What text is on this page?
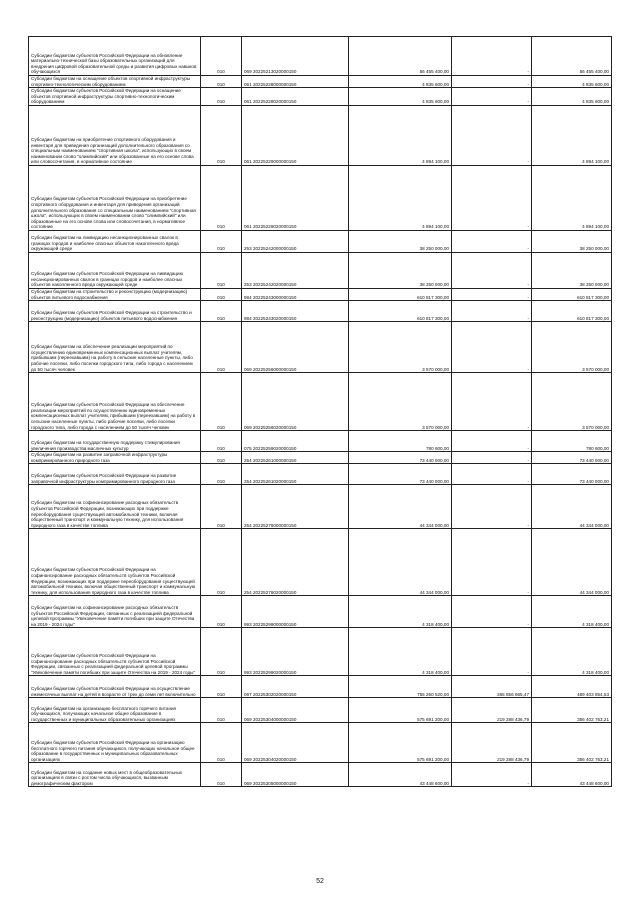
Субсидии бюджетам субъектов Российской Федерации на обновление материально-технической базы образовательных организаций для внедрения цифровой образовательной среды и развития цифровых навыков обучающихся	010	069 20225213020000150	56 455 400,00	-	56 455 400,00
Субсидии бюджетам на оснащение объектов спортивной инфраструктуры спортивно-технологическим оборудованием	010	061 20225228000000150	4 835 600,00	-	4 835 600,00
Субсидии бюджетам субъектов Российской Федерации на оснащение объектов спортивной инфраструктуры спортивно-технологическим оборудованием	010	061 20225228020000150	4 835 600,00	-	4 835 600,00
Субсидии бюджетам на приобретение спортивного оборудования и инвентаря для приведения организаций дополнительного образования со специальным наименованием "спортивная школа", использующих в своем наименовании слово "олимпийский" или образованные на его основе слова или словосочетания, в нормативное состояние	010	061 20225229000000150	4 894 100,00	-	4 894 100,00
Субсидии бюджетам субъектов Российской Федерации на приобретение спортивного оборудования и инвентаря для приведения организаций дополнительного образования со специальным наименованием "спортивная школа", использующих в своем наименовании слово "олимпийский" или образованные на его основе слова или словосочетания, в нормативное состояние	010	061 20225229020000150	4 894 100,00	-	4 894 100,00
Субсидии бюджетам на ликвидацию несанкционированных свалок в границах городов и наиболее опасных объектов накопленного вреда окружающей среде	010	253 20225242000000150	38 250 000,00	-	38 250 000,00
Субсидии бюджетам субъектов Российской Федерации на ликвидацию несанкционированных свалок в границах городов и наиболее опасных объектов накопленного вреда окружающей среде	010	253 20225242020000150	38 250 000,00	-	38 250 000,00
Субсидии бюджетам на строительство и реконструкцию (модернизацию) объектов питьевого водоснабжения	010	984 20225243000000150	610 817 300,00	-	610 817 300,00
Субсидии бюджетам субъектов Российской Федерации на строительство и реконструкцию (модернизацию) объектов питьевого водоснабжения	010	984 20225243020000150	610 817 300,00	-	610 817 300,00
Субсидии бюджетам на обеспечение реализации мероприятий по осуществлению единовременных компенсационных выплат учителям, прибывшим (переехавшим) на работу в сельские населенные пункты, либо рабочие поселки, либо поселки городского типа, либо города с населением до 50 тысяч человек	010	069 20225256000000150	3 570 000,00	-	3 570 000,00
Субсидии бюджетам субъектов Российской Федерации на обеспечение реализации мероприятий по осуществлению единовременных компенсационных выплат учителям, прибывшим (переехавшим) на работу в сельские населенные пункты, либо рабочие поселки, либо поселки городского типа, либо города с населением до 50 тысяч человек	010	069 20225256020000150	3 570 000,00	-	3 570 000,00
Субсидии бюджетам на государственную поддержку стимулирования увеличения производства масличных культур	010	075 20225259020000150	780 600,00	-	780 600,00
Субсидии бюджетам на развитие заправочной инфраструктуры компримированного природного газа	010	254 20225261000000150	73 440 000,00	-	73 440 000,00
Субсидии бюджетам субъектов Российской Федерации на развитие заправочной инфраструктуры компримированного природного газа	010	254 20225261020000150	73 440 000,00	-	73 440 000,00
Субсидии бюджетам на софинансирование расходных обязательств субъектов Российской Федерации, возникающих при поддержке переоборудования существующей автомобильной техники, включая общественный транспорт и коммунальную технику, для использования природного газа в качестве топлива	010	254 20225276000000150	44 344 000,00	-	44 344 000,00
Субсидии бюджетам субъектов Российской Федерации на софинансирование расходных обязательств субъектов Российской Федерации, возникающих при поддержке переоборудования существующей автомобильной техники, включая общественный транспорт и коммунальную технику, для использования природного газа в качестве топлива	010	254 20225276020000150	44 344 000,00	-	44 344 000,00
Субсидии бюджетам на софинансирование расходных обязательств субъектов Российской Федерации, связанных с реализацией федеральной целевой программы "Увековечение памяти погибших при защите Отечества на 2019 - 2024 годы"	010	993 20225299000000150	4 318 400,00	-	4 318 400,00
Субсидии бюджетам субъектов Российской Федерации на софинансирование расходных обязательств субъектов Российской Федерации, связанных с реализацией федеральной целевой программы "Увековечение памяти погибших при защите Отечества на 2019 - 2024 годы"	010	993 20225299020000150	4 318 400,00	-	4 318 400,00
Субсидии бюджетам субъектов Российской Федерации на осуществление ежемесячных выплат на детей в возрасте от трех до семи лет включительно	010	067 20225302020000150	755 260 520,00	265 856 665,47	489 403 854,53
Субсидии бюджетам на организацию бесплатного горячего питания обучающихся, получающих начальное общее образование в государственных и муниципальных образовательных организациях	010	069 20225304000000150	575 691 200,00	219 288 436,79	356 402 763,21
Субсидии бюджетам субъектов Российской Федерации на организацию бесплатного горячего питания обучающихся, получающих начальное общее образование в государственных и муниципальных образовательных организациях	010	069 20225304020000150	575 691 200,00	219 288 436,79	356 402 763,21
Субсидии бюджетам на создание новых мест в общеобразовательных организациях в связи с ростом числа обучающихся, вызванным демографическим фактором	010	069 20225305000000150	43 448 600,00	-	43 448 600,00
52
